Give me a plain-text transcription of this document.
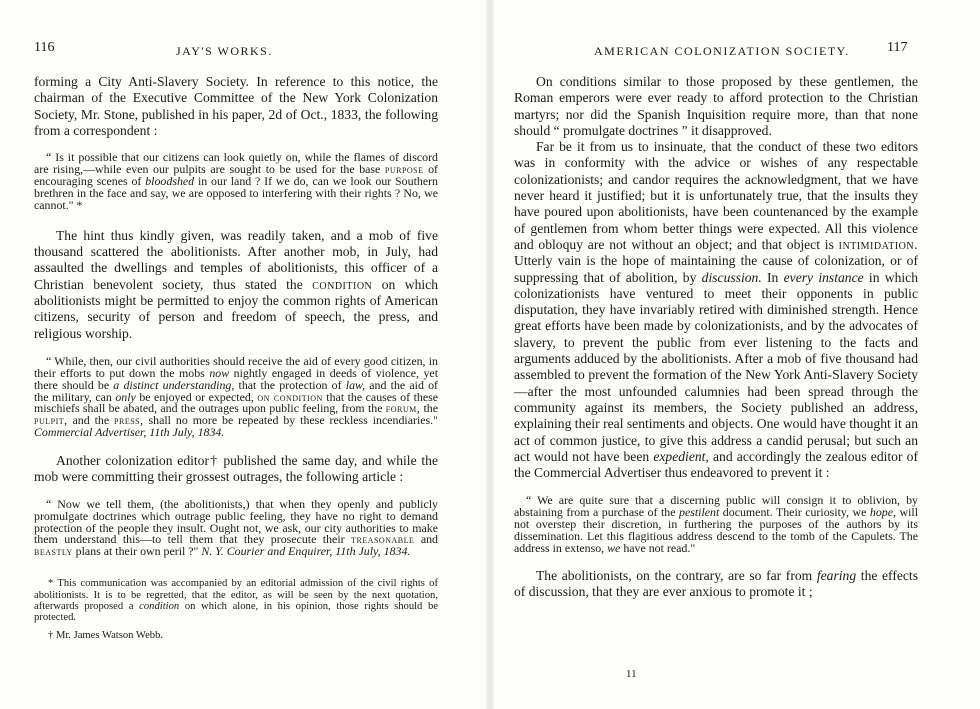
116	JAY'S WORKS.

forming a City Anti-Slavery Society. In reference to this notice, the chairman of the Executive Committee of the New York Colonization Society, Mr. Stone, published in his paper, 2d of Oct., 1833, the following from a correspondent :

“ Is it possible that our citizens can look quietly on, while the flames of discord are rising,—while even our pulpits are sought to be used for the base purpose of encouraging scenes of bloodshed in our land ? If we do, can we look our Southern brethren in the face and say, we are opposed to interfering with their rights ? No, we cannot." *

The hint thus kindly given, was readily taken, and a mob of five thousand scattered the abolitionists. After another mob, in July, had assaulted the dwellings and temples of abolitionists, this officer of a Christian benevolent society, thus stated the condition on which abolitionists might be permitted to enjoy the common rights of American citizens, security of person and freedom of speech, the press, and religious worship.

“ While, then, our civil authorities should receive the aid of every good citizen, in their efforts to put down the mobs now nightly engaged in deeds of violence, yet there should be a distinct understanding, that the protection of law, and the aid of the military, can only be enjoyed or expected, on condition that the causes of these mischiefs shall be abated, and the outrages upon public feeling, from the forum, the pulpit, and the press, shall no more be repeated by these reckless incendiaries." Commercial Advertiser, 11th July, 1834.

Another colonization editor† published the same day, and while the mob were committing their grossest outrages, the following article :

“ Now we tell them, (the abolitionists,) that when they openly and publicly promulgate doctrines which outrage public feeling, they have no right to demand protection of the people they insult. Ought not, we ask, our city authorities to make them understand this—to tell them that they prosecute their treasonable and beastly plans at their own peril ?" N. Y. Courier and Enquirer, 11th July, 1834.

* This communication was accompanied by an editorial admission of the civil rights of abolitionists. It is to be regretted, that the editor, as will be seen by the next quotation, afterwards proposed a condition on which alone, in his opinion, those rights should be protected.

† Mr. James Watson Webb.

AMERICAN COLONIZATION SOCIETY.	117

On conditions similar to those proposed by these gentlemen, the Roman emperors were ever ready to afford protection to the Christian martyrs; nor did the Spanish Inquisition require more, than that none should “ promulgate doctrines ” it disapproved.

Far be it from us to insinuate, that the conduct of these two editors was in conformity with the advice or wishes of any respectable colonizationists; and candor requires the acknowledgment, that we have never heard it justified; but it is unfortunately true, that the insults they have poured upon abolitionists, have been countenanced by the example of gentlemen from whom better things were expected. All this violence and obloquy are not without an object; and that object is intimidation. Utterly vain is the hope of maintaining the cause of colonization, or of suppressing that of abolition, by discussion. In every instance in which colonizationists have ventured to meet their opponents in public disputation, they have invariably retired with diminished strength. Hence great efforts have been made by colonizationists, and by the advocates of slavery, to prevent the public from ever listening to the facts and arguments adduced by the abolitionists. After a mob of five thousand had assembled to prevent the formation of the New York Anti-Slavery Society—after the most unfounded calumnies had been spread through the community against its members, the Society published an address, explaining their real sentiments and objects. One would have thought it an act of common justice, to give this address a candid perusal; but such an act would not have been expedient, and accordingly the zealous editor of the Commercial Advertiser thus endeavored to prevent it :

“ We are quite sure that a discerning public will consign it to oblivion, by abstaining from a purchase of the pestilent document. Their curiosity, we hope, will not overstep their discretion, in furthering the purposes of the authors by its dissemination. Let this flagitious address descend to the tomb of the Capulets. The address in extenso, we have not read."

The abolitionists, on the contrary, are so far from fearing the effects of discussion, that they are ever anxious to promote it ;

11
